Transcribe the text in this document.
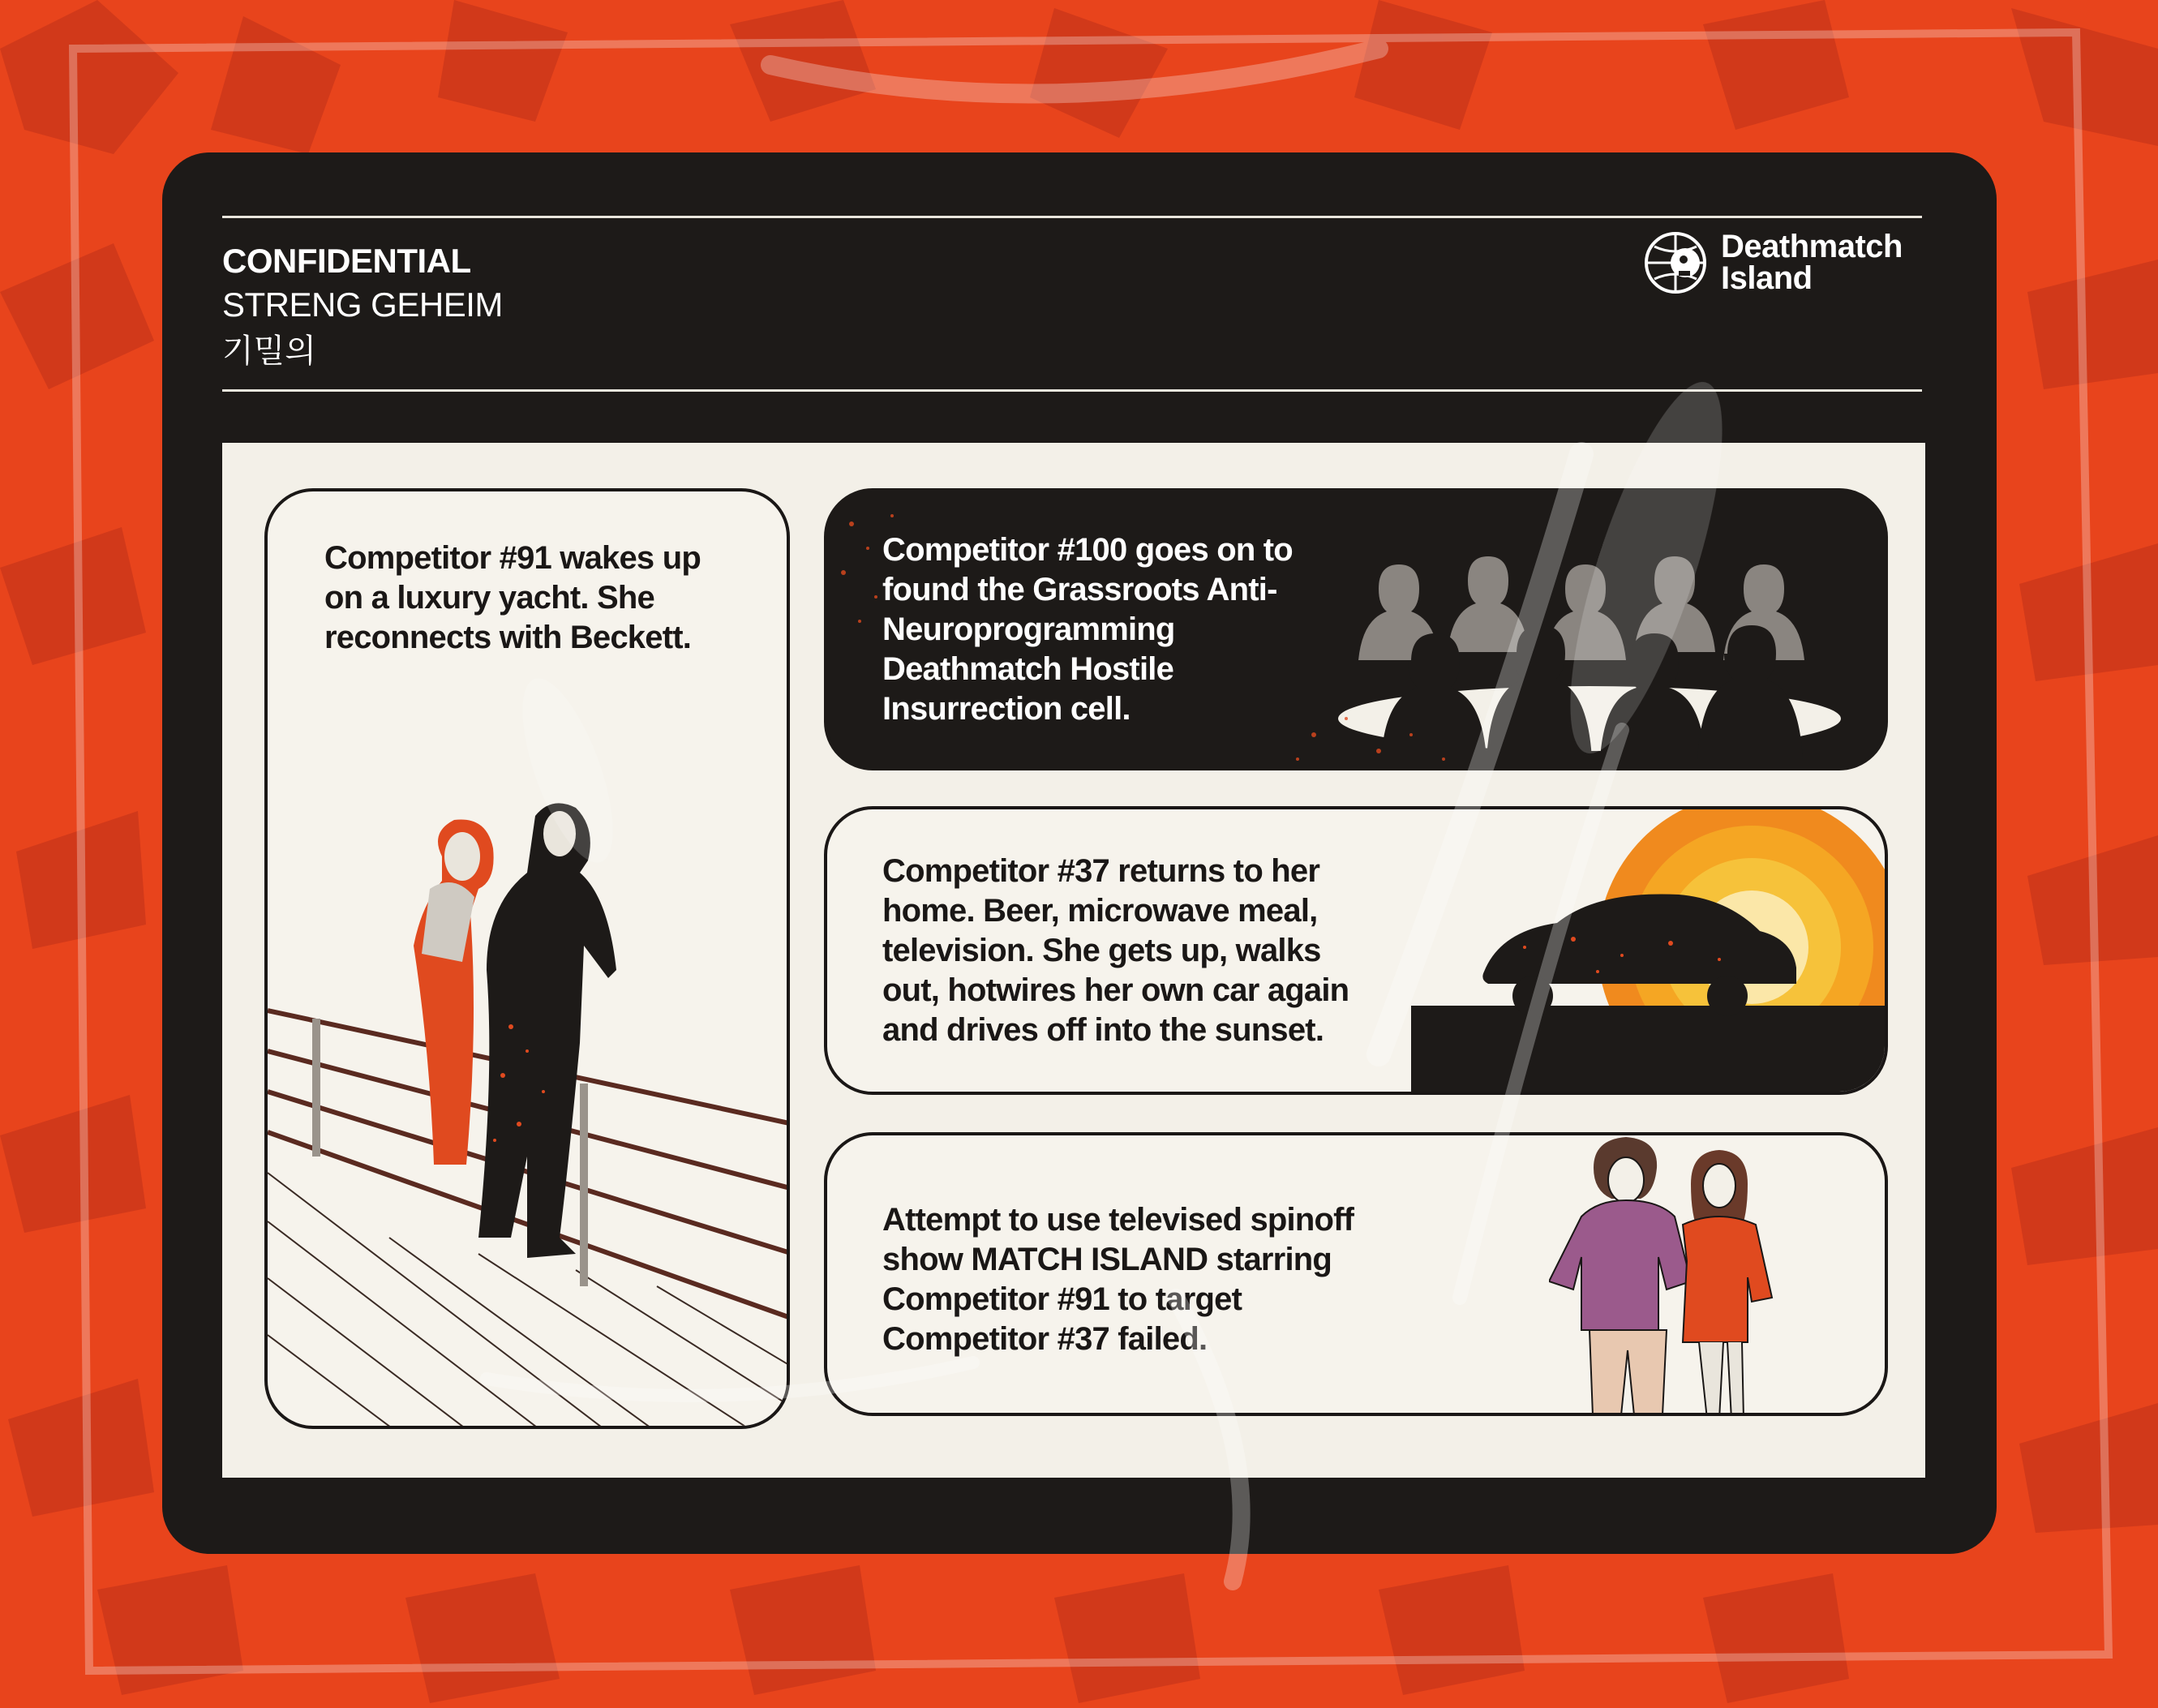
CONFIDENTIAL
STRENG GEHEIM
기밀의
Deathmatch
Island
Competitor #91 wakes up on a luxury yacht. She reconnects with Beckett.
Competitor #100 goes on to found the Grassroots Anti-Neuroprogramming Deathmatch Hostile Insurrection cell.
Competitor #37 returns to her home. Beer, microwave meal, television. She gets up, walks out, hotwires her own car again and drives off into the sunset.
Attempt to use televised spinoff show MATCH ISLAND starring Competitor #91 to target Competitor #37 failed.
